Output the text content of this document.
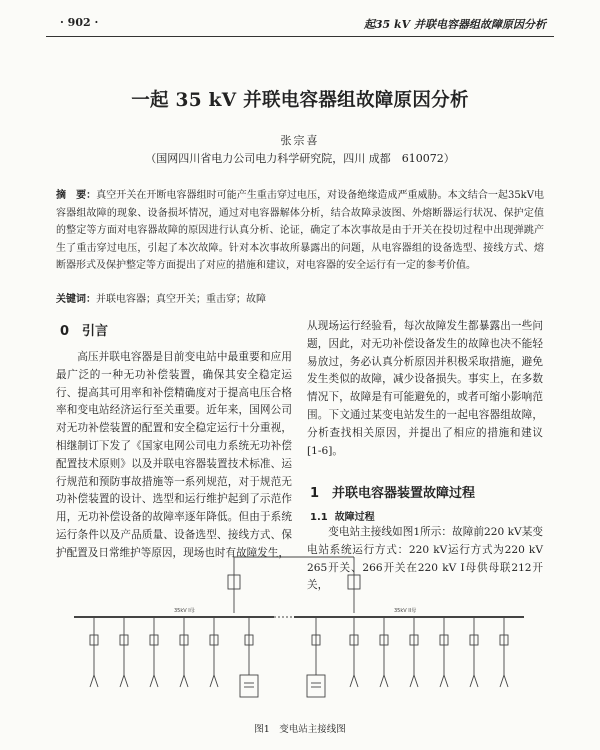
· 902 ·	起35 kV 并联电容器组故障原因分析
一起 35 kV 并联电容器组故障原因分析
张宗喜
（国网四川省电力公司电力科学研究院，四川 成都　610072）
摘　要：真空开关在开断电容器组时可能产生重击穿过电压，对设备绝缘造成严重威胁。本文结合一起35kV电容器组故障的现象、设备损坏情况，通过对电容器解体分析，结合故障录波图、外熔断器运行状况、保护定值的整定等方面对电容器故障的原因进行认真分析、论证，确定了本次事故是由于开关在投切过程中出现弹跳产生了重击穿过电压，引起了本次故障。针对本次事故所暴露出的问题，从电容器组的设备选型、接线方式、熔断器形式及保护整定等方面提出了对应的措施和建议，对电容器的安全运行有一定的参考价值。
关键词：并联电容器；真空开关；重击穿；故障
0 引言

高压并联电容器是目前变电站中最重要和应用最广泛的一种无功补偿装置，确保其安全稳定运行、提高其可用率和补偿精确度对于提高电压合格率和变电站经济运行至关重要。近年来，国网公司对无功补偿装置的配置和安全稳定运行十分重视，相继制订下发了《国家电网公司电力系统无功补偿配置技术原则》以及并联电容器装置技术标准、运行规范和预防事故措施等一系列规范，对于规范无功补偿装置的设计、选型和运行维护起到了示范作用，无功补偿设备的故障率逐年降低。但由于系统运行条件以及产品质量、设备选型、接线方式、保护配置及日常维护等原因，现场也时有故障发生，

从现场运行经验看，每次故障发生都暴露出一些问题，因此，对无功补偿设备发生的故障也决不能轻易放过，务必认真分析原因并积极采取措施，避免发生类似的故障，减少设备损失。事实上，在多数情况下，故障是有可能避免的，或者可缩小影响范围。下文通过某变电站发生的一起电容器组故障，分析查找相关原因，并提出了相应的措施和建议[1-6]。

1 并联电容器装置故障过程
1.1 故障过程

变电站主接线如图1所示：故障前220 kV某变电站系统运行方式：220 kV运行方式为220 kV 265开关、266开关在220 kV I母供母联212开关，

35kV I母	35kV II母
图1　变电站主接线图
